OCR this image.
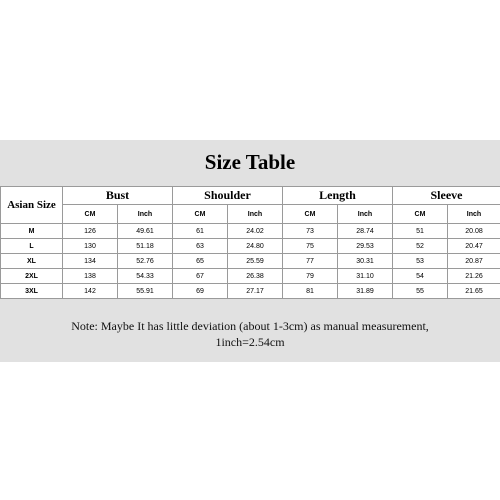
Size Table
Asian Size	Bust		Shoulder		Length		Sleeve	
	CM	Inch	CM	Inch	CM	Inch	CM	Inch
M	126	49.61	61	24.02	73	28.74	51	20.08
L	130	51.18	63	24.80	75	29.53	52	20.47
XL	134	52.76	65	25.59	77	30.31	53	20.87
2XL	138	54.33	67	26.38	79	31.10	54	21.26
3XL	142	55.91	69	27.17	81	31.89	55	21.65
Note: Maybe It has little deviation (about 1-3cm) as manual measurement,
1inch=2.54cm
